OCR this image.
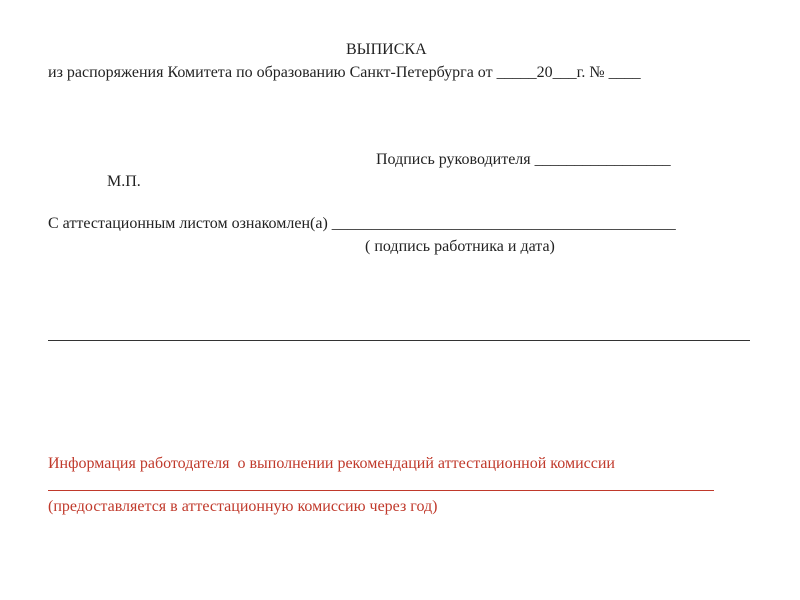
ВЫПИСКА
из распоряжения Комитета по образованию Санкт-Петербурга от _____20___г. № ____
Подпись руководителя _________________
М.П.
С аттестационным листом ознакомлен(а) ___________________________________________
( подпись работника и дата)
Информация работодателя  о выполнении рекомендаций аттестационной комиссии
(предоставляется в аттестационную комиссию через год)
